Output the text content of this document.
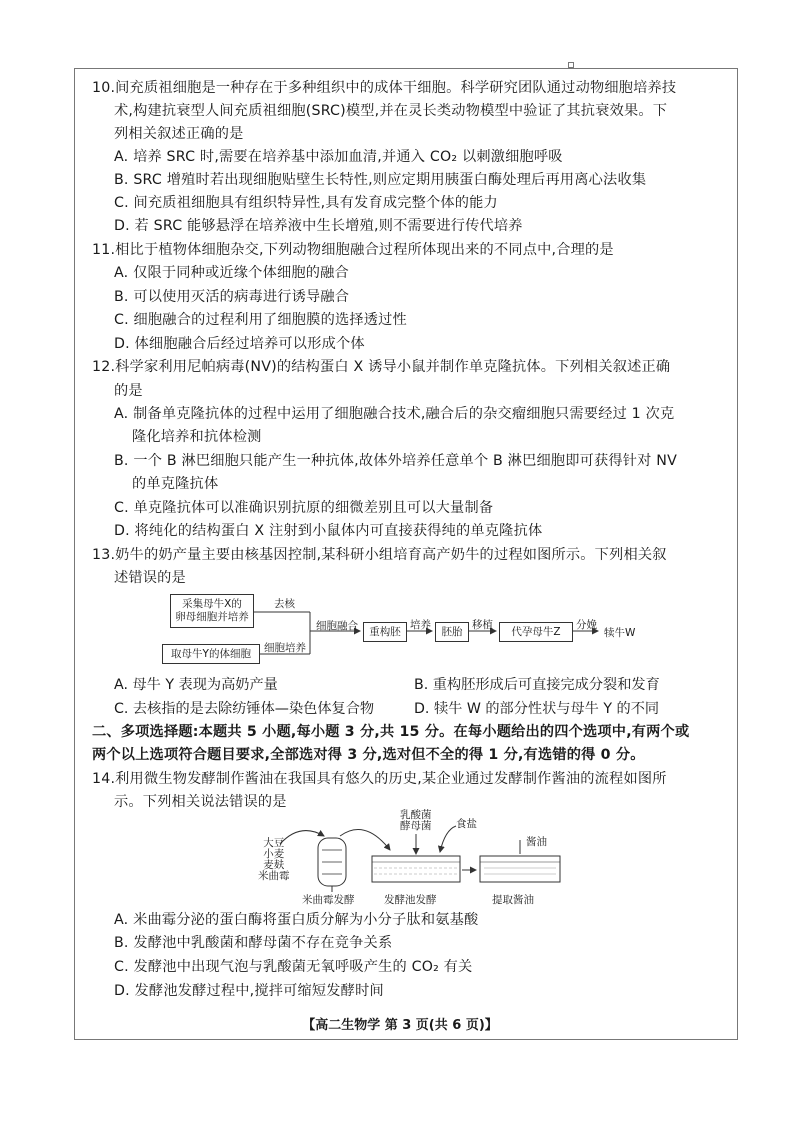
10.间充质祖细胞是一种存在于多种组织中的成体干细胞。科学研究团队通过动物细胞培养技
术,构建抗衰型人间充质祖细胞(SRC)模型,并在灵长类动物模型中验证了其抗衰效果。下
列相关叙述正确的是
A. 培养 SRC 时,需要在培养基中添加血清,并通入 CO₂ 以刺激细胞呼吸
B. SRC 增殖时若出现细胞贴壁生长特性,则应定期用胰蛋白酶处理后再用离心法收集
C. 间充质祖细胞具有组织特异性,具有发育成完整个体的能力
D. 若 SRC 能够悬浮在培养液中生长增殖,则不需要进行传代培养
11.相比于植物体细胞杂交,下列动物细胞融合过程所体现出来的不同点中,合理的是
A. 仅限于同种或近缘个体细胞的融合
B. 可以使用灭活的病毒进行诱导融合
C. 细胞融合的过程利用了细胞膜的选择透过性
D. 体细胞融合后经过培养可以形成个体
12.科学家利用尼帕病毒(NV)的结构蛋白 X 诱导小鼠并制作单克隆抗体。下列相关叙述正确
的是
A. 制备单克隆抗体的过程中运用了细胞融合技术,融合后的杂交瘤细胞只需要经过 1 次克
隆化培养和抗体检测
B. 一个 B 淋巴细胞只能产生一种抗体,故体外培养任意单个 B 淋巴细胞即可获得针对 NV
的单克隆抗体
C. 单克隆抗体可以准确识别抗原的细微差别且可以大量制备
D. 将纯化的结构蛋白 X 注射到小鼠体内可直接获得纯的单克隆抗体
13.奶牛的奶产量主要由核基因控制,某科研小组培育高产奶牛的过程如图所示。下列相关叙
述错误的是
采集母牛X的
卵母细胞并培养
去核
取母牛Y的体细胞	细胞培养
细胞融合	重构胚
培养
胚胎
移植
代孕母牛Z
分娩
犊牛W
A. 母牛 Y 表现为高奶产量	B. 重构胚形成后可直接完成分裂和发育
C. 去核指的是去除纺锤体—染色体复合物	D. 犊牛 W 的部分性状与母牛 Y 的不同
二、多项选择题:本题共 5 小题,每小题 3 分,共 15 分。在每小题给出的四个选项中,有两个或
两个以上选项符合题目要求,全部选对得 3 分,选对但不全的得 1 分,有选错的得 0 分。
14.利用微生物发酵制作酱油在我国具有悠久的历史,某企业通过发酵制作酱油的流程如图所
示。下列相关说法错误的是
大豆
小麦
麦麸
米曲霉
乳酸菌
酵母菌 食盐
酱油
米曲霉发酵	发酵池发酵	提取酱油
A. 米曲霉分泌的蛋白酶将蛋白质分解为小分子肽和氨基酸
B. 发酵池中乳酸菌和酵母菌不存在竞争关系
C. 发酵池中出现气泡与乳酸菌无氧呼吸产生的 CO₂ 有关
D. 发酵池发酵过程中,搅拌可缩短发酵时间
【高二生物学 第 3 页(共 6 页)】
